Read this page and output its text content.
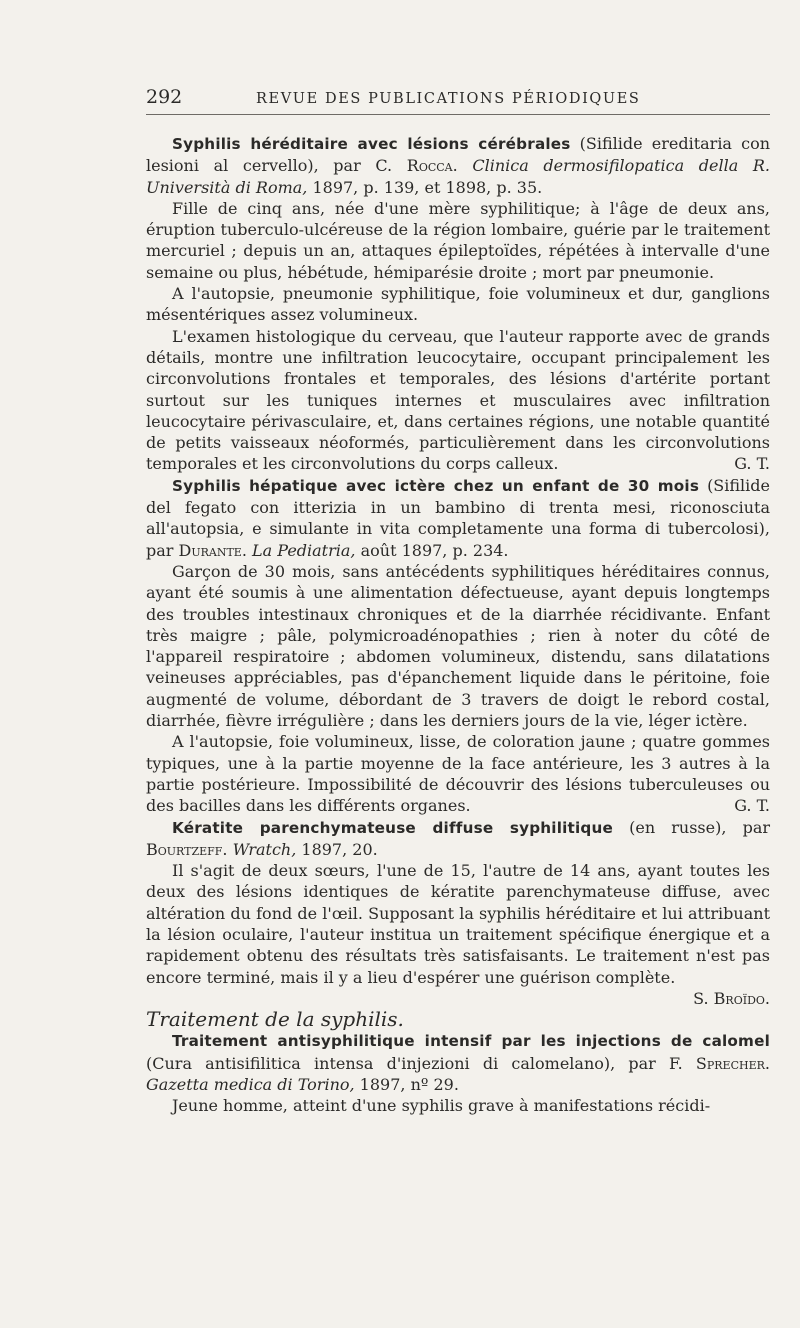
292	REVUE DES PUBLICATIONS PÉRIODIQUES

Syphilis héréditaire avec lésions cérébrales (Sifilide ereditaria con lesioni al cervello), par C. Rocca. Clinica dermosifilopatica della R. Università di Roma, 1897, p. 139, et 1898, p. 35.

Fille de cinq ans, née d'une mère syphilitique; à l'âge de deux ans, éruption tuberculo-ulcéreuse de la région lombaire, guérie par le traitement mercuriel ; depuis un an, attaques épileptoïdes, répétées à intervalle d'une semaine ou plus, hébétude, hémiparésie droite ; mort par pneumonie.

A l'autopsie, pneumonie syphilitique, foie volumineux et dur, ganglions mésentériques assez volumineux.

L'examen histologique du cerveau, que l'auteur rapporte avec de grands détails, montre une infiltration leucocytaire, occupant principalement les circonvolutions frontales et temporales, des lésions d'artérite portant surtout sur les tuniques internes et musculaires avec infiltration leucocytaire périvasculaire, et, dans certaines régions, une notable quantité de petits vaisseaux néoformés, particulièrement dans les circonvolutions temporales et les circonvolutions du corps calleux.	G. T.

Syphilis hépatique avec ictère chez un enfant de 30 mois (Sifilide del fegato con itterizia in un bambino di trenta mesi, riconosciuta all'autopsia, e simulante in vita completamente una forma di tubercolosi), par Durante. La Pediatria, août 1897, p. 234.

Garçon de 30 mois, sans antécédents syphilitiques héréditaires connus, ayant été soumis à une alimentation défectueuse, ayant depuis longtemps des troubles intestinaux chroniques et de la diarrhée récidivante. Enfant très maigre ; pâle, polymicroadénopathies ; rien à noter du côté de l'appareil respiratoire ; abdomen volumineux, distendu, sans dilatations veineuses appréciables, pas d'épanchement liquide dans le péritoine, foie augmenté de volume, débordant de 3 travers de doigt le rebord costal, diarrhée, fièvre irrégulière ; dans les derniers jours de la vie, léger ictère.

A l'autopsie, foie volumineux, lisse, de coloration jaune ; quatre gommes typiques, une à la partie moyenne de la face antérieure, les 3 autres à la partie postérieure. Impossibilité de découvrir des lésions tuberculeuses ou des bacilles dans les différents organes.	G. T.

Kératite parenchymateuse diffuse syphilitique (en russe), par Bourtzeff. Wratch, 1897, 20.

Il s'agit de deux sœurs, l'une de 15, l'autre de 14 ans, ayant toutes les deux des lésions identiques de kératite parenchymateuse diffuse, avec altération du fond de l'œil. Supposant la syphilis héréditaire et lui attribuant la lésion oculaire, l'auteur institua un traitement spécifique énergique et a rapidement obtenu des résultats très satisfaisants. Le traitement n'est pas encore terminé, mais il y a lieu d'espérer une guérison complète.
S. Broïdo.

Traitement de la syphilis.

Traitement antisyphilitique intensif par les injections de calomel (Cura antisifilitica intensa d'injezioni di calomelano), par F. Sprecher. Gazetta medica di Torino, 1897, nº 29.

Jeune homme, atteint d'une syphilis grave à manifestations récidi-
